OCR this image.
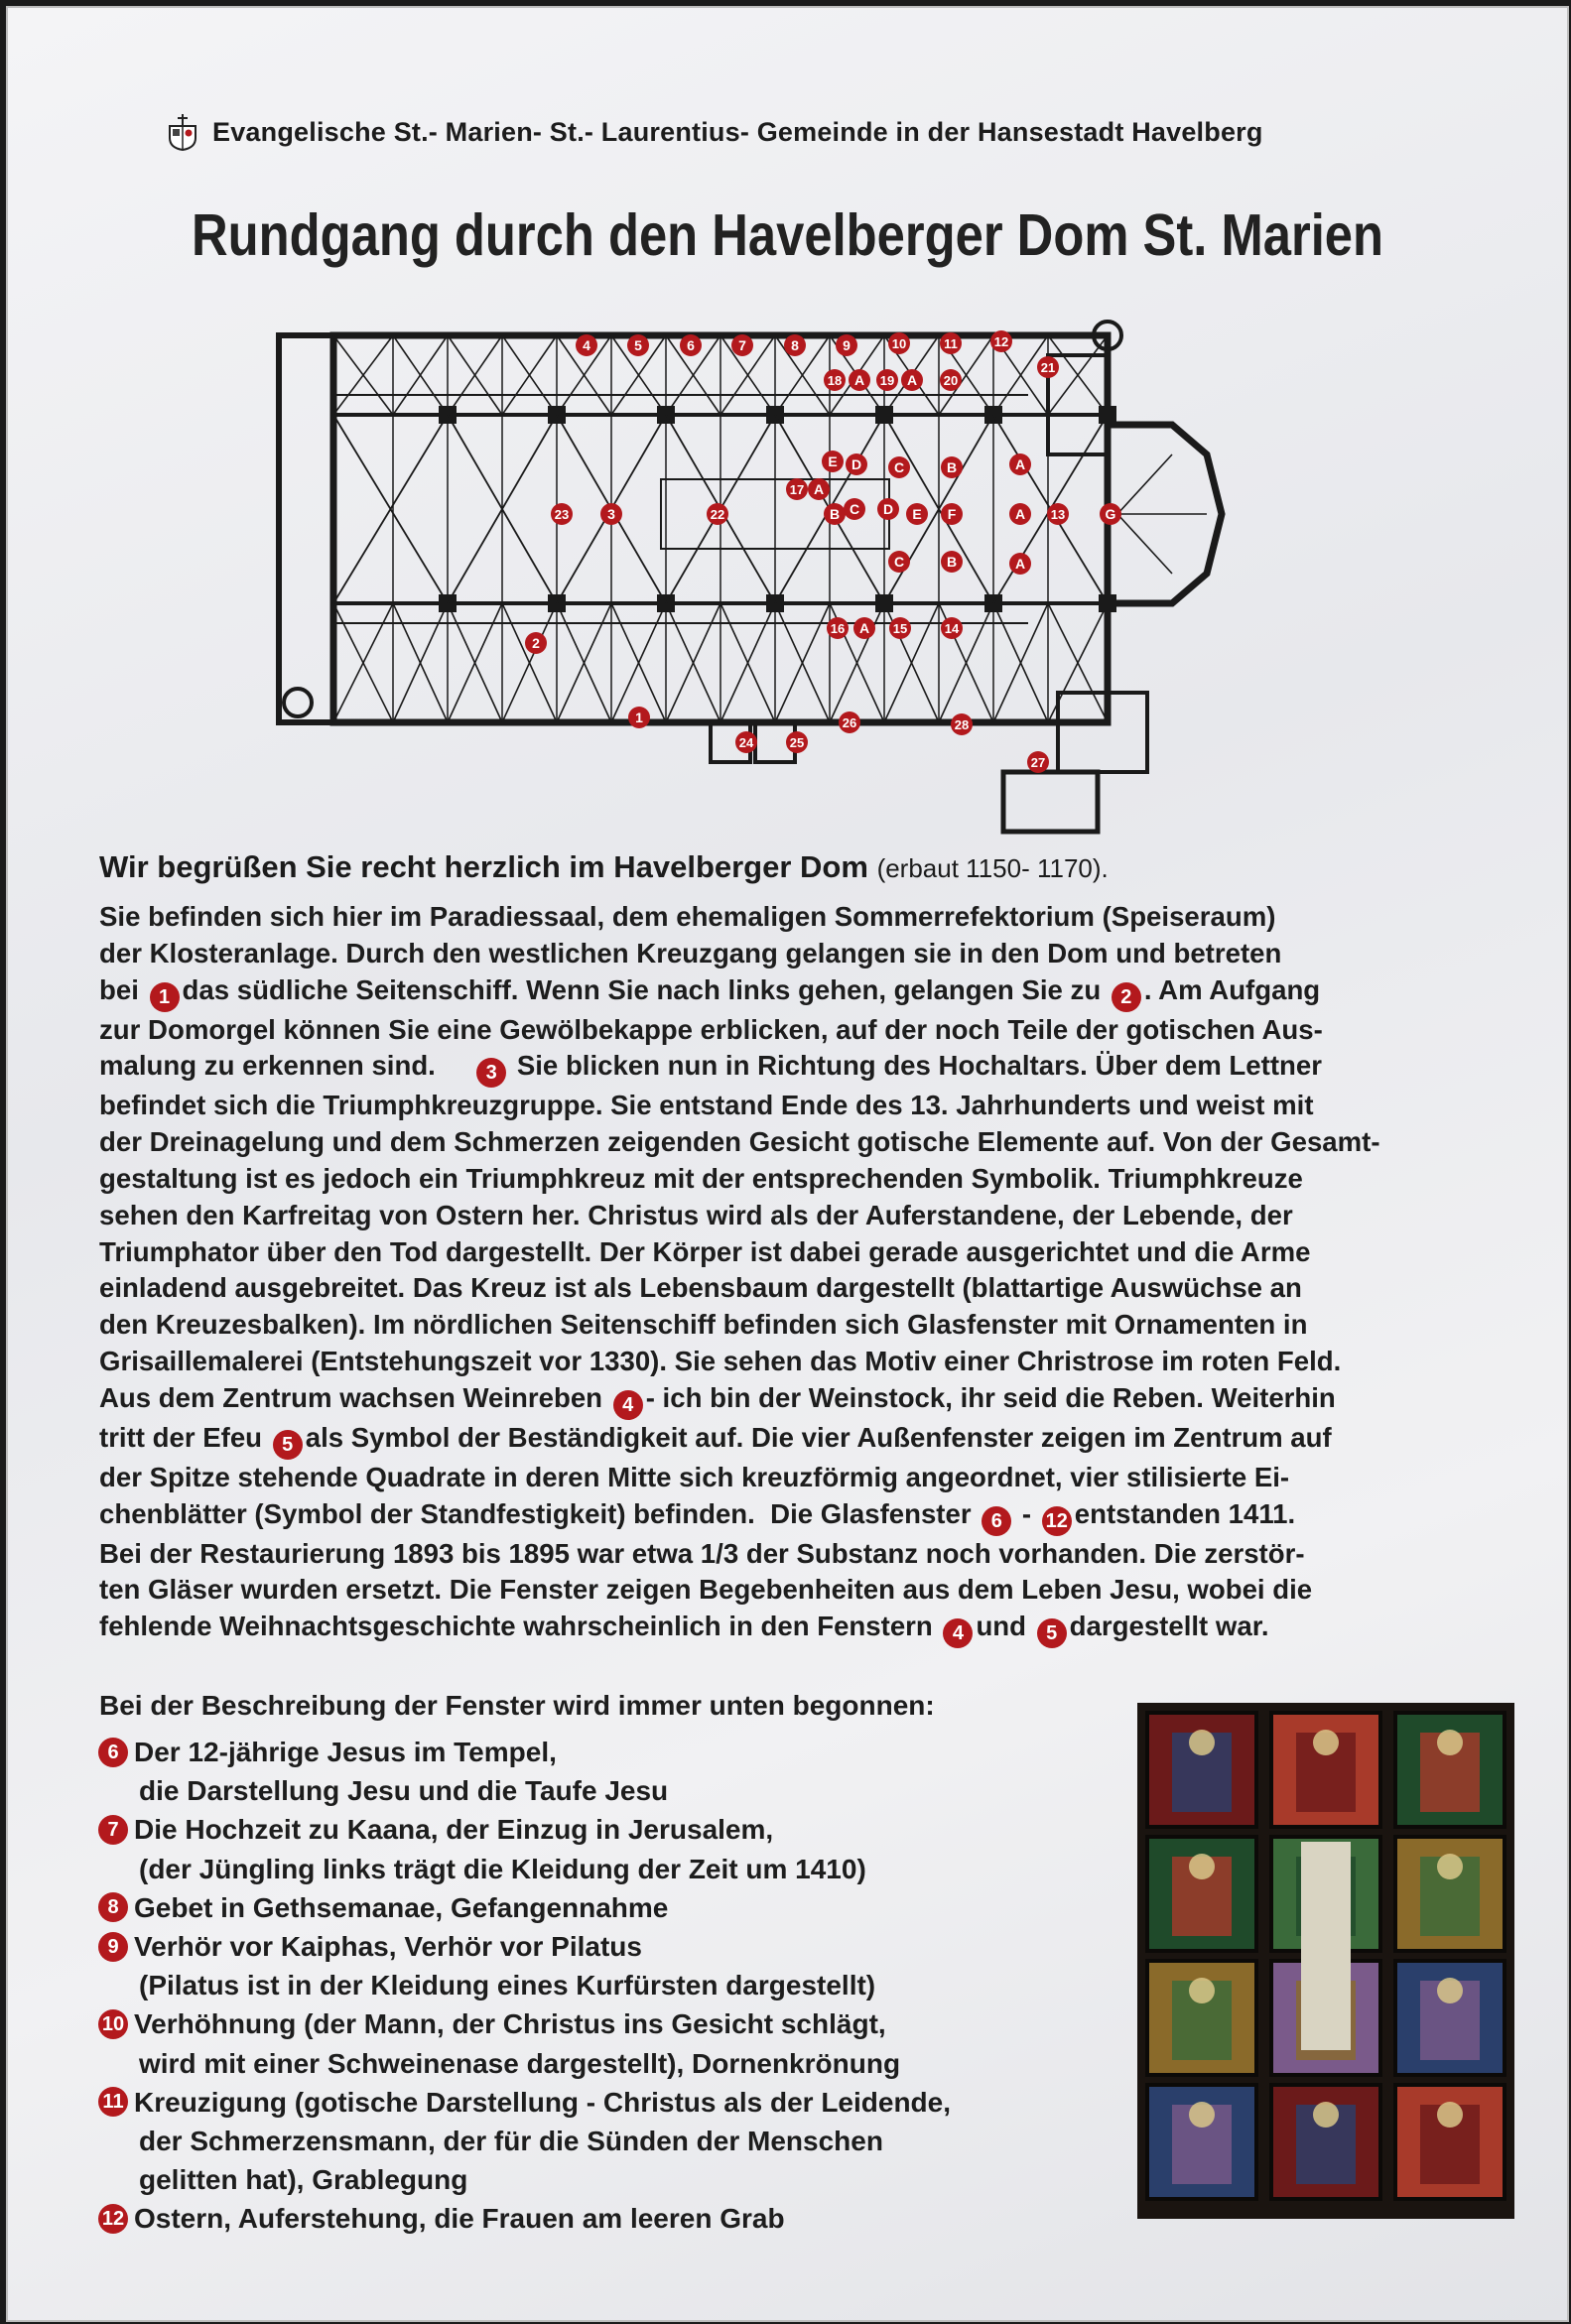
Evangelische St.- Marien- St.- Laurentius- Gemeinde in der Hansestadt Havelberg
Rundgang durch den Havelberger Dom St. Marien
1
2
3
4	5	6	7	8	9	10	11	12
13
14
15
16
17
18	19	20
21
22
23
24	25
26
27
28
A	A
A
A
A
A
A
B
B
B
C
C
C
D
D
E
E F	G
Wir begrüßen Sie recht herzlich im Havelberger Dom (erbaut 1150- 1170).
Sie befinden sich hier im Paradiessaal, dem ehemaligen Sommerrefektorium (Speiseraum)
der Klosteranlage. Durch den westlichen Kreuzgang gelangen sie in den Dom und betreten
bei 1 das südliche Seitenschiff. Wenn Sie nach links gehen, gelangen Sie zu 2 . Am Aufgang
zur Domorgel können Sie eine Gewölbekappe erblicken, auf der noch Teile der gotischen Aus-
malung zu erkennen sind.     3 Sie blicken nun in Richtung des Hochaltars. Über dem Lettner
befindet sich die Triumphkreuzgruppe. Sie entstand Ende des 13. Jahrhunderts und weist mit
der Dreinagelung und dem Schmerzen zeigenden Gesicht gotische Elemente auf. Von der Gesamt-
gestaltung ist es jedoch ein Triumphkreuz mit der entsprechenden Symbolik. Triumphkreuze
sehen den Karfreitag von Ostern her. Christus wird als der Auferstandene, der Lebende, der
Triumphator über den Tod dargestellt. Der Körper ist dabei gerade ausgerichtet und die Arme
einladend ausgebreitet. Das Kreuz ist als Lebensbaum dargestellt (blattartige Auswüchse an
den Kreuzesbalken). Im nördlichen Seitenschiff befinden sich Glasfenster mit Ornamenten in
Grisaillemalerei (Entstehungszeit vor 1330). Sie sehen das Motiv einer Christrose im roten Feld.
Aus dem Zentrum wachsen Weinreben 4 - ich bin der Weinstock, ihr seid die Reben. Weiterhin
tritt der Efeu 5 als Symbol der Beständigkeit auf. Die vier Außenfenster zeigen im Zentrum auf
der Spitze stehende Quadrate in deren Mitte sich kreuzförmig angeordnet, vier stilisierte Ei-
chenblätter (Symbol der Standfestigkeit) befinden.  Die Glasfenster 6 - 12 entstanden 1411.
Bei der Restaurierung 1893 bis 1895 war etwa 1/3 der Substanz noch vorhanden. Die zerstör-
ten Gläser wurden ersetzt. Die Fenster zeigen Begebenheiten aus dem Leben Jesu, wobei die
fehlende Weihnachtsgeschichte wahrscheinlich in den Fenstern 4 und 5 dargestellt war.
Bei der Beschreibung der Fenster wird immer unten begonnen:
6 Der 12-jährige Jesus im Tempel,
die Darstellung Jesu und die Taufe Jesu
7 Die Hochzeit zu Kaana, der Einzug in Jerusalem,
(der Jüngling links trägt die Kleidung der Zeit um 1410)
8 Gebet in Gethsemanae, Gefangennahme
9 Verhör vor Kaiphas, Verhör vor Pilatus
(Pilatus ist in der Kleidung eines Kurfürsten dargestellt)
10 Verhöhnung (der Mann, der Christus ins Gesicht schlägt,
wird mit einer Schweinenase dargestellt), Dornenkrönung
11 Kreuzigung (gotische Darstellung - Christus als der Leidende,
der Schmerzensmann, der für die Sünden der Menschen
gelitten hat), Grablegung
12 Ostern, Auferstehung, die Frauen am leeren Grab
